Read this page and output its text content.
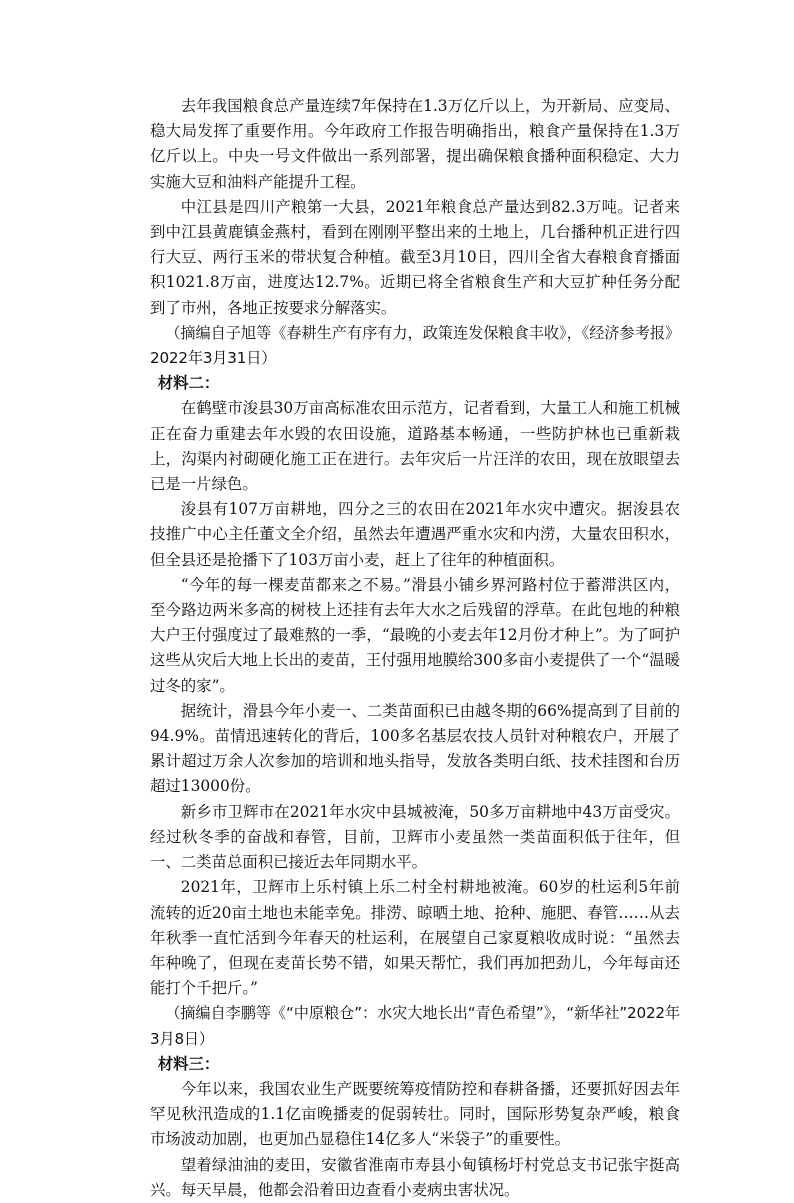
去年我国粮食总产量连续7年保持在1.3万亿斤以上，为开新局、应变局、稳大局发挥了重要作用。今年政府工作报告明确指出，粮食产量保持在1.3万亿斤以上。中央一号文件做出一系列部署，提出确保粮食播种面积稳定、大力实施大豆和油料产能提升工程。

中江县是四川产粮第一大县，2021年粮食总产量达到82.3万吨。记者来到中江县黄鹿镇金燕村，看到在刚刚平整出来的土地上，几台播种机正进行四行大豆、两行玉米的带状复合种植。截至3月10日，四川全省大春粮食育播面积1021.8万亩，进度达12.7%。近期已将全省粮食生产和大豆扩种任务分配到了市州，各地正按要求分解落实。

（摘编自子旭等《春耕生产有序有力，政策连发保粮食丰收》，《经济参考报》2022年3月31日）

材料二：

在鹤壁市浚县30万亩高标准农田示范方，记者看到，大量工人和施工机械正在奋力重建去年水毁的农田设施，道路基本畅通，一些防护林也已重新栽上，沟渠内衬砌硬化施工正在进行。去年灾后一片汪洋的农田，现在放眼望去已是一片绿色。

浚县有107万亩耕地，四分之三的农田在2021年水灾中遭灾。据浚县农技推广中心主任董文全介绍，虽然去年遭遇严重水灾和内涝，大量农田积水，但全县还是抢播下了103万亩小麦，赶上了往年的种植面积。

“今年的每一棵麦苗都来之不易。”滑县小铺乡界河路村位于蓄滞洪区内，至今路边两米多高的树枝上还挂有去年大水之后残留的浮草。在此包地的种粮大户王付强度过了最难熬的一季，“最晚的小麦去年12月份才种上”。为了呵护这些从灾后大地上长出的麦苗，王付强用地膜给300多亩小麦提供了一个“温暖过冬的家”。

据统计，滑县今年小麦一、二类苗面积已由越冬期的66%提高到了目前的94.9%。苗情迅速转化的背后，100多名基层农技人员针对种粮农户，开展了累计超过万余人次参加的培训和地头指导，发放各类明白纸、技术挂图和台历超过13000份。

新乡市卫辉市在2021年水灾中县城被淹，50多万亩耕地中43万亩受灾。经过秋冬季的奋战和春管，目前，卫辉市小麦虽然一类苗面积低于往年，但一、二类苗总面积已接近去年同期水平。

2021年，卫辉市上乐村镇上乐二村全村耕地被淹。60岁的杜运利5年前流转的近20亩土地也未能幸免。排涝、晾晒土地、抢种、施肥、春管……从去年秋季一直忙活到今年春天的杜运利，在展望自己家夏粮收成时说：“虽然去年种晚了，但现在麦苗长势不错，如果天帮忙，我们再加把劲儿，今年每亩还能打个千把斤。”

（摘编自李鹏等《“中原粮仓”：水灾大地长出“青色希望”》，“新华社”2022年3月8日）

材料三：

今年以来，我国农业生产既要统筹疫情防控和春耕备播，还要抓好因去年罕见秋汛造成的1.1亿亩晚播麦的促弱转壮。同时，国际形势复杂严峻，粮食市场波动加剧，也更加凸显稳住14亿多人“米袋子”的重要性。

望着绿油油的麦田，安徽省淮南市寿县小甸镇杨圩村党总支书记张宇挺高兴。每天早晨，他都会沿着田边查看小麦病虫害状况。
